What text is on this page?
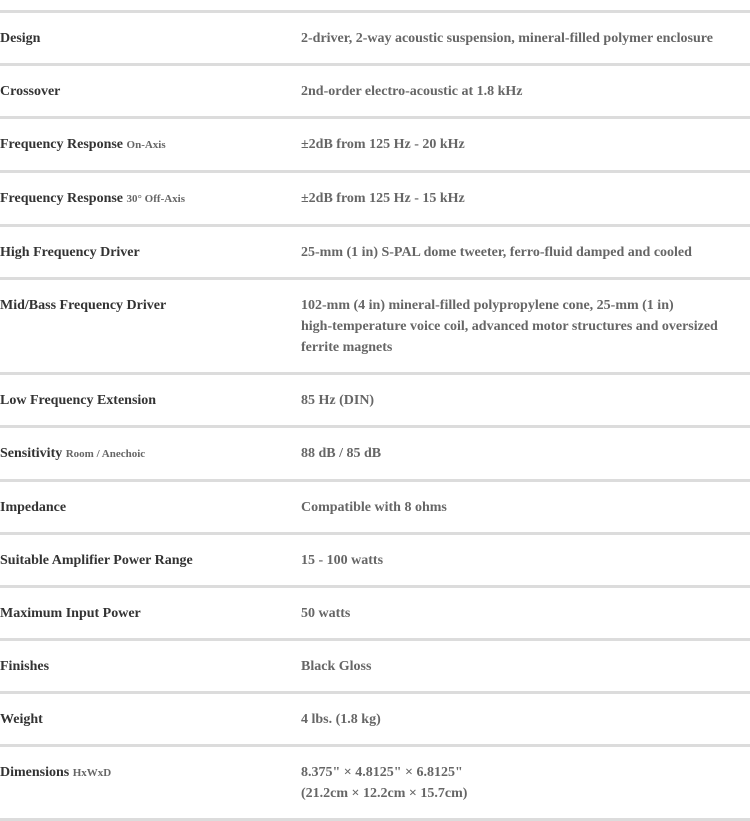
Design	2-driver, 2-way acoustic suspension, mineral-filled polymer enclosure
Crossover	2nd-order electro-acoustic at 1.8 kHz
Frequency Response On-Axis	±2dB from 125 Hz - 20 kHz
Frequency Response 30° Off-Axis	±2dB from 125 Hz - 15 kHz
High Frequency Driver	25-mm (1 in) S-PAL dome tweeter, ferro-fluid damped and cooled
Mid/Bass Frequency Driver	102-mm (4 in) mineral-filled polypropylene cone, 25-mm (1 in)
high-temperature voice coil, advanced motor structures and oversized
ferrite magnets
Low Frequency Extension	85 Hz (DIN)
Sensitivity Room / Anechoic	88 dB / 85 dB
Impedance	Compatible with 8 ohms
Suitable Amplifier Power Range	15 - 100 watts
Maximum Input Power	50 watts
Finishes	Black Gloss
Weight	4 lbs. (1.8 kg)
Dimensions HxWxD	8.375" × 4.8125" × 6.8125"
(21.2cm × 12.2cm × 15.7cm)
